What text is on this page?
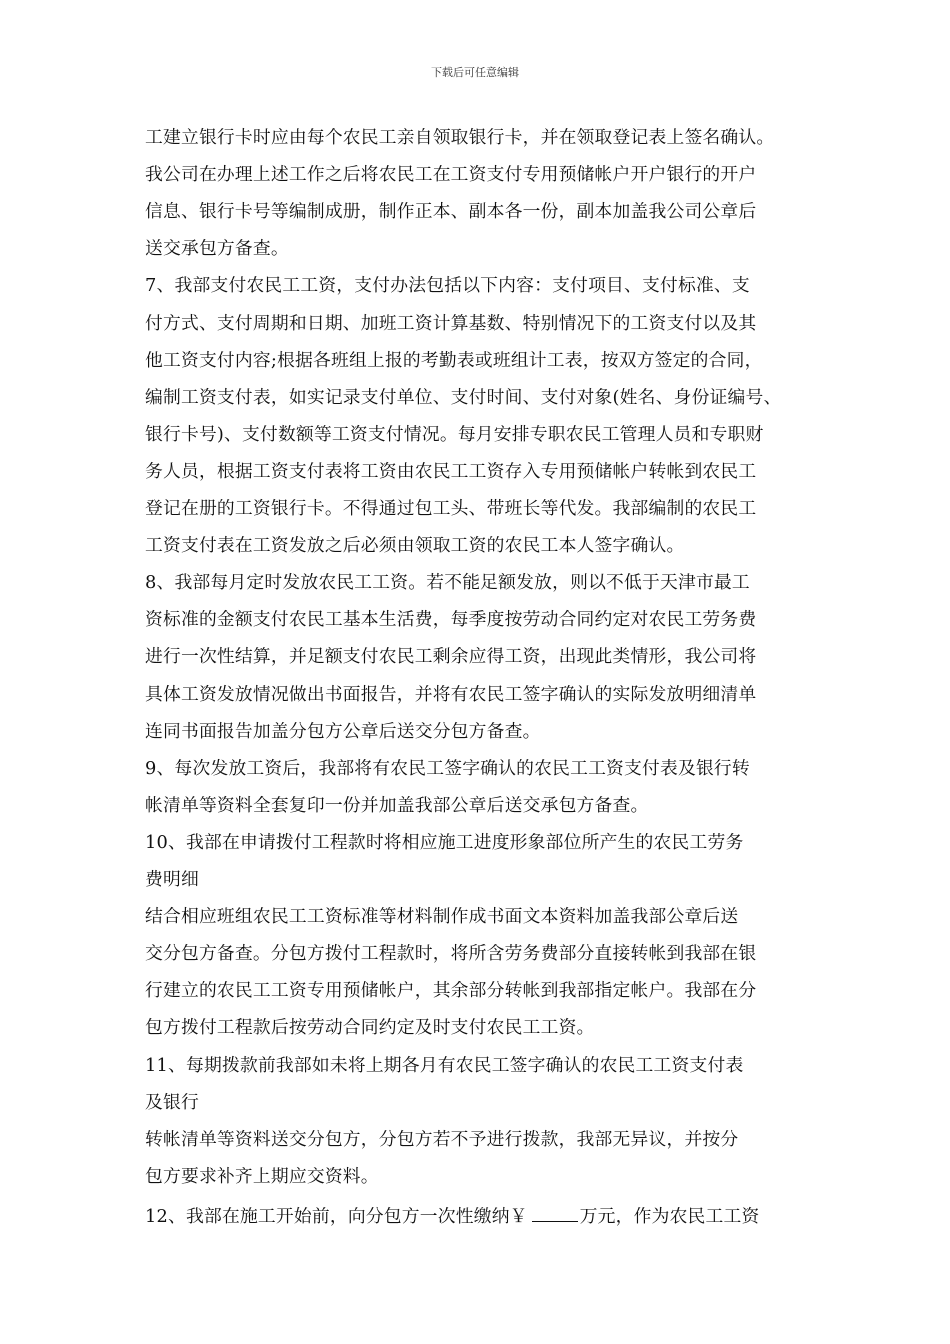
下载后可任意编辑
工建立银行卡时应由每个农民工亲自领取银行卡，并在领取登记表上签名确认。
我公司在办理上述工作之后将农民工在工资支付专用预储帐户开户银行的开户
信息、银行卡号等编制成册，制作正本、副本各一份，副本加盖我公司公章后
送交承包方备查。
7、我部支付农民工工资，支付办法包括以下内容：支付项目、支付标准、支
付方式、支付周期和日期、加班工资计算基数、特别情况下的工资支付以及其
他工资支付内容;根据各班组上报的考勤表或班组计工表，按双方签定的合同，
编制工资支付表，如实记录支付单位、支付时间、支付对象(姓名、身份证编号、
银行卡号)、支付数额等工资支付情况。每月安排专职农民工管理人员和专职财
务人员，根据工资支付表将工资由农民工工资存入专用预储帐户转帐到农民工
登记在册的工资银行卡。不得通过包工头、带班长等代发。我部编制的农民工
工资支付表在工资发放之后必须由领取工资的农民工本人签字确认。
8、我部每月定时发放农民工工资。若不能足额发放，则以不低于天津市最工
资标准的金额支付农民工基本生活费，每季度按劳动合同约定对农民工劳务费
进行一次性结算，并足额支付农民工剩余应得工资，出现此类情形，我公司将
具体工资发放情况做出书面报告，并将有农民工签字确认的实际发放明细清单
连同书面报告加盖分包方公章后送交分包方备查。
9、每次发放工资后，我部将有农民工签字确认的农民工工资支付表及银行转
帐清单等资料全套复印一份并加盖我部公章后送交承包方备查。
10、我部在申请拨付工程款时将相应施工进度形象部位所产生的农民工劳务
费明细
结合相应班组农民工工资标准等材料制作成书面文本资料加盖我部公章后送
交分包方备查。分包方拨付工程款时，将所含劳务费部分直接转帐到我部在银
行建立的农民工工资专用预储帐户，其余部分转帐到我部指定帐户。我部在分
包方拨付工程款后按劳动合同约定及时支付农民工工资。
11、每期拨款前我部如未将上期各月有农民工签字确认的农民工工资支付表
及银行
转帐清单等资料送交分包方，分包方若不予进行拨款，我部无异议，并按分
包方要求补齐上期应交资料。
12、我部在施工开始前，向分包方一次性缴纳￥	万元，作为农民工工资
